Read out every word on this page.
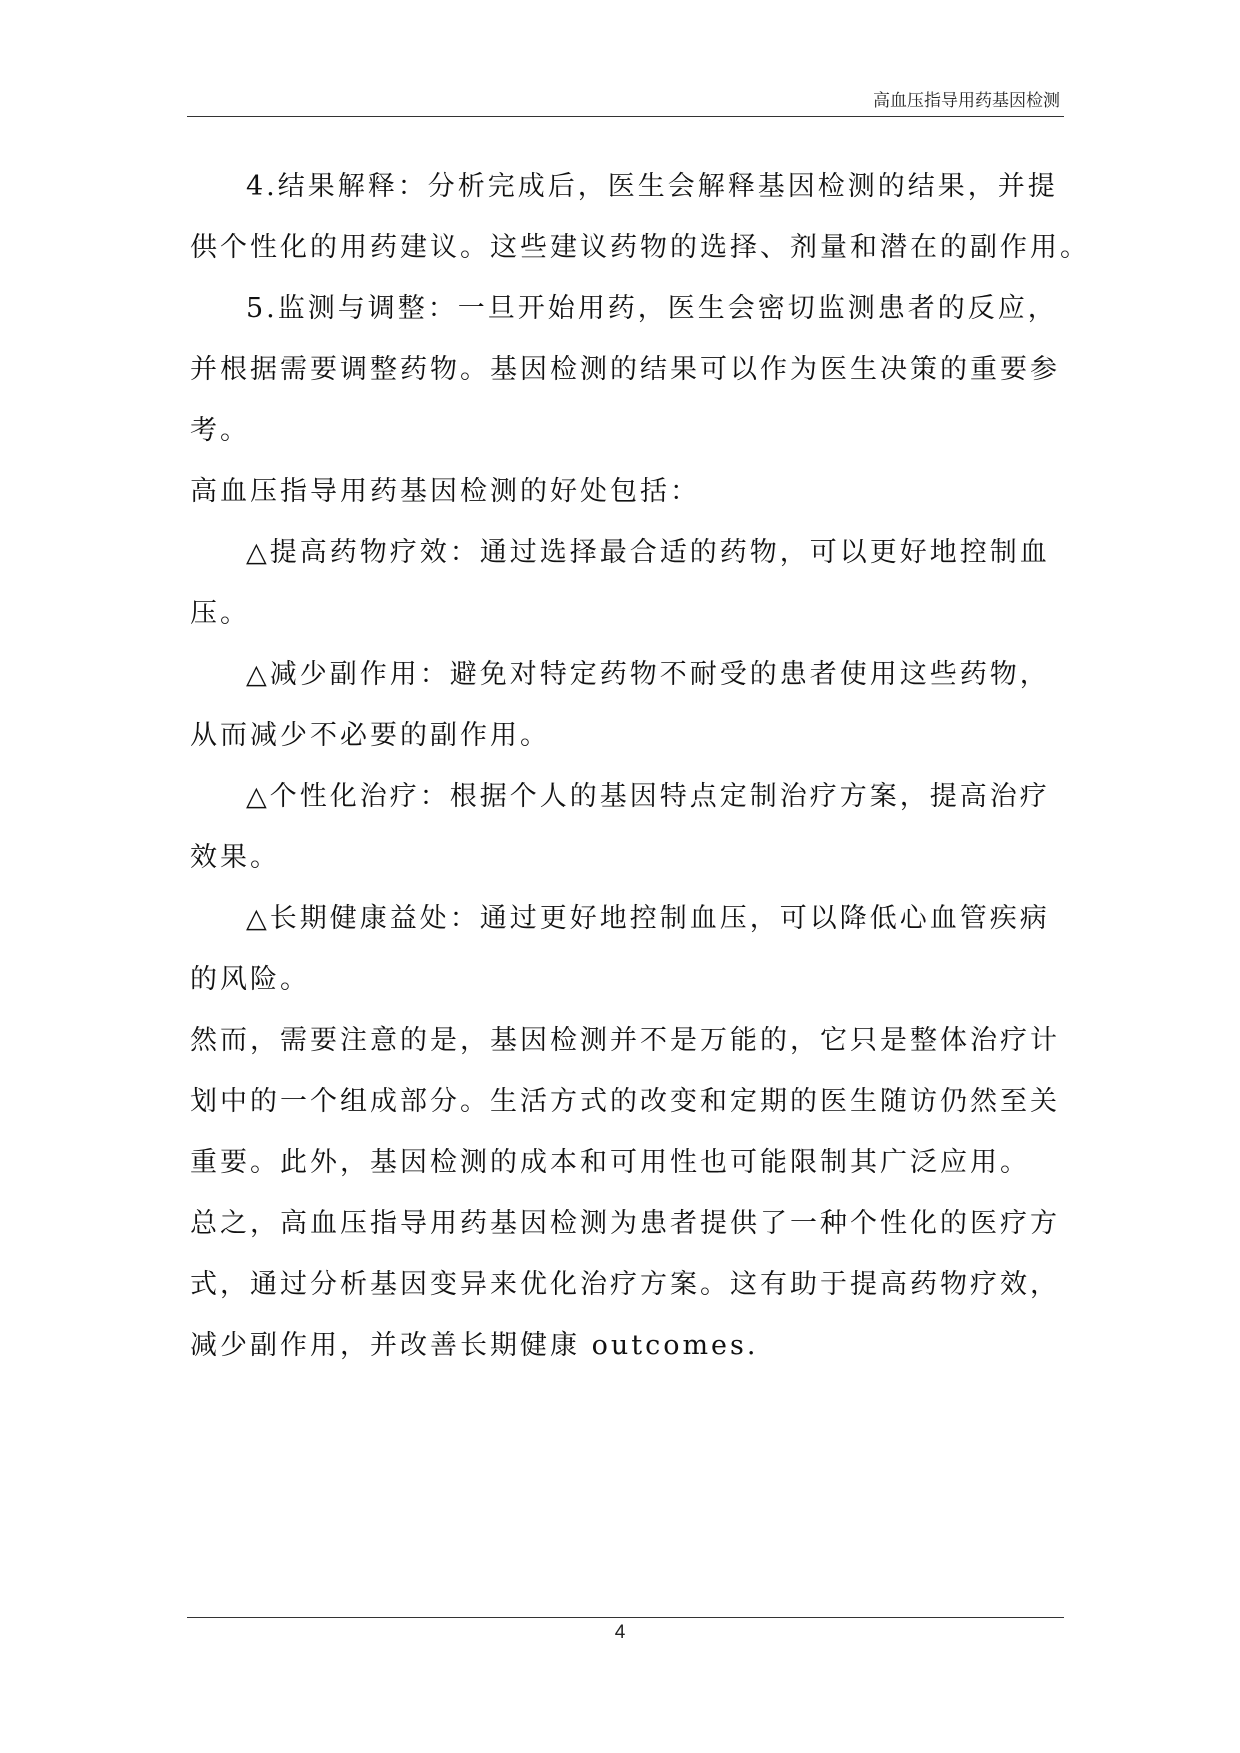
高血压指导用药基因检测

4.结果解释：分析完成后，医生会解释基因检测的结果，并提

供个性化的用药建议。这些建议药物的选择、剂量和潜在的副作用。

5.监测与调整：一旦开始用药，医生会密切监测患者的反应，

并根据需要调整药物。基因检测的结果可以作为医生决策的重要参

考。

高血压指导用药基因检测的好处包括：

△提高药物疗效：通过选择最合适的药物，可以更好地控制血

压。

△减少副作用：避免对特定药物不耐受的患者使用这些药物，

从而减少不必要的副作用。

△个性化治疗：根据个人的基因特点定制治疗方案，提高治疗

效果。

△长期健康益处：通过更好地控制血压，可以降低心血管疾病

的风险。

然而，需要注意的是，基因检测并不是万能的，它只是整体治疗计

划中的一个组成部分。生活方式的改变和定期的医生随访仍然至关

重要。此外，基因检测的成本和可用性也可能限制其广泛应用。

总之，高血压指导用药基因检测为患者提供了一种个性化的医疗方

式，通过分析基因变异来优化治疗方案。这有助于提高药物疗效，

减少副作用，并改善长期健康 outcomes.

4
